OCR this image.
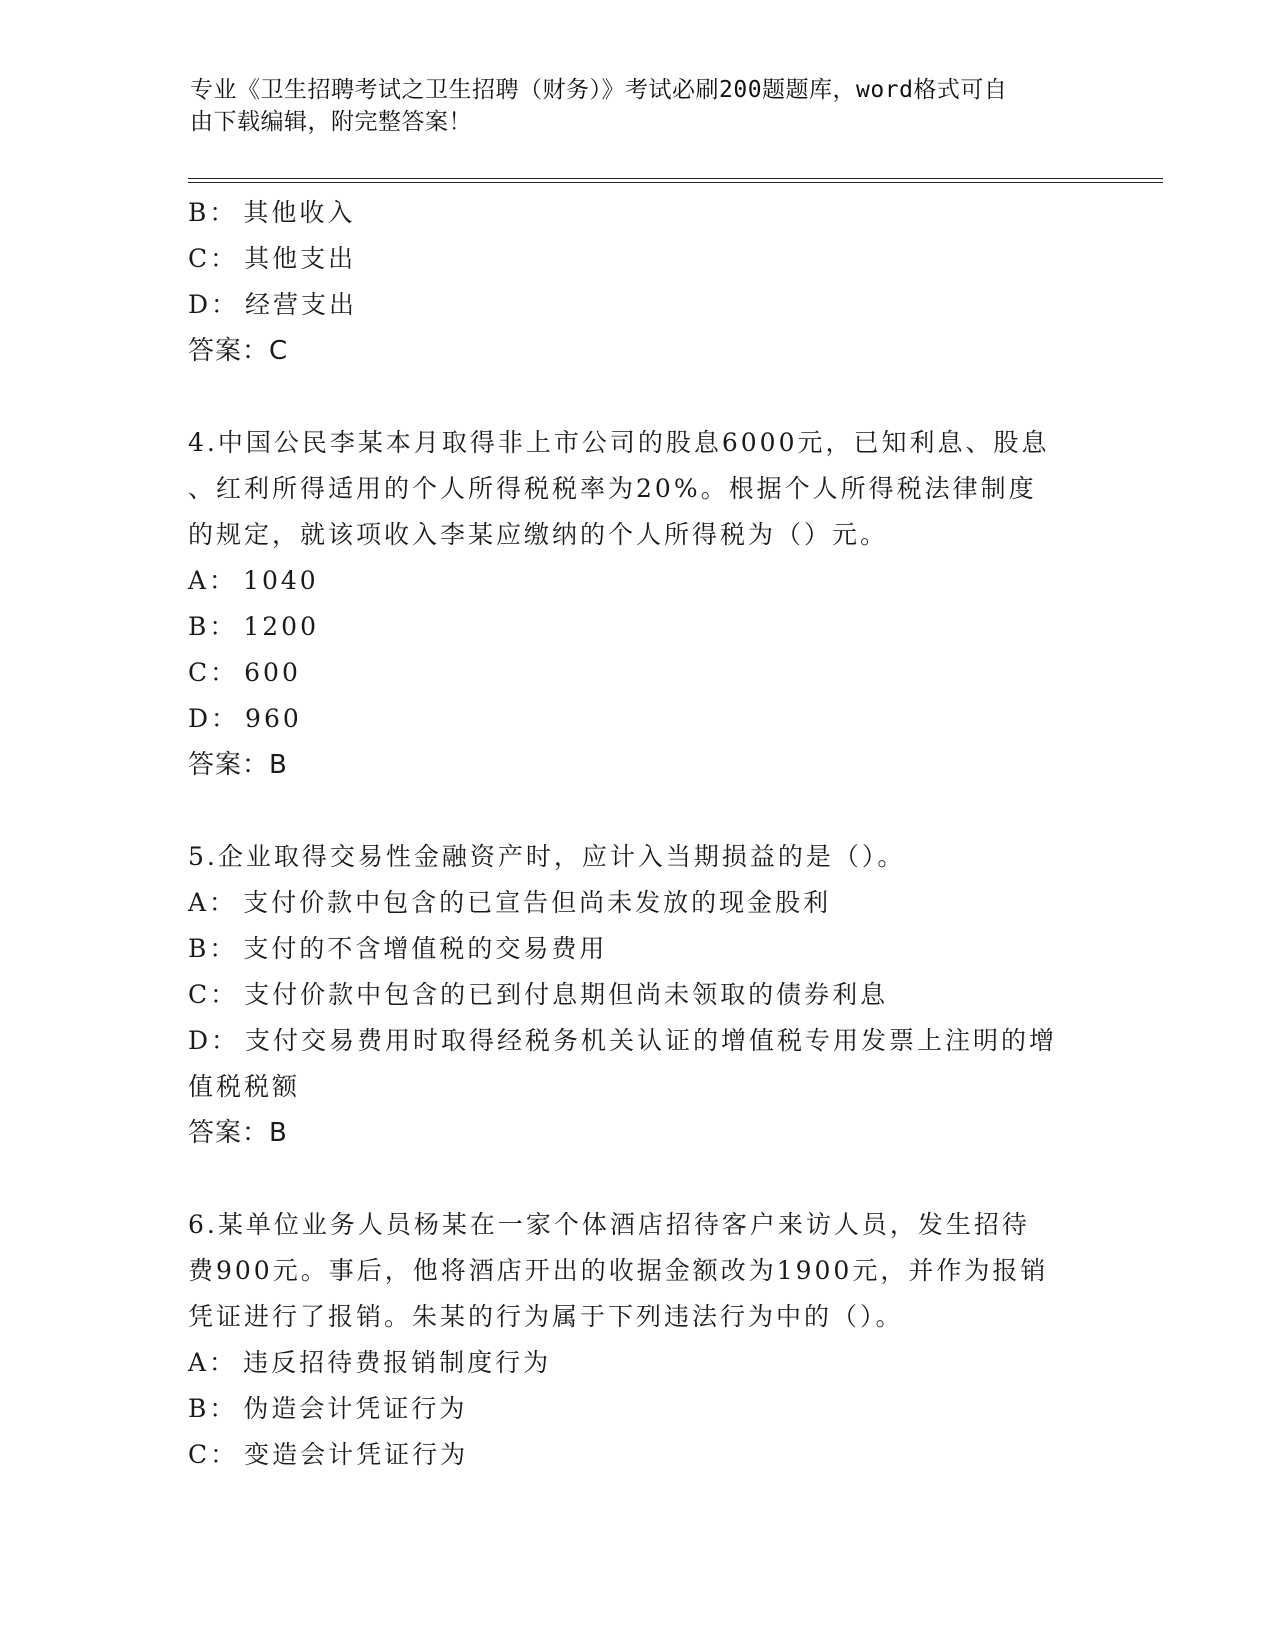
专业《卫生招聘考试之卫生招聘（财务）》考试必刷200题题库，word格式可自
由下载编辑，附完整答案！
B： 其他收入
C： 其他支出
D： 经营支出
答案：C
4.中国公民李某本月取得非上市公司的股息6000元，已知利息、股息
、红利所得适用的个人所得税税率为20%。根据个人所得税法律制度
的规定，就该项收入李某应缴纳的个人所得税为（）元。
A： 1040
B： 1200
C： 600
D： 960
答案：B
5.企业取得交易性金融资产时，应计入当期损益的是（）。
A： 支付价款中包含的已宣告但尚未发放的现金股利
B： 支付的不含增值税的交易费用
C： 支付价款中包含的已到付息期但尚未领取的债券利息
D： 支付交易费用时取得经税务机关认证的增值税专用发票上注明的增
值税税额
答案：B
6.某单位业务人员杨某在一家个体酒店招待客户来访人员，发生招待
费900元。事后，他将酒店开出的收据金额改为1900元，并作为报销
凭证进行了报销。朱某的行为属于下列违法行为中的（）。
A： 违反招待费报销制度行为
B： 伪造会计凭证行为
C： 变造会计凭证行为
